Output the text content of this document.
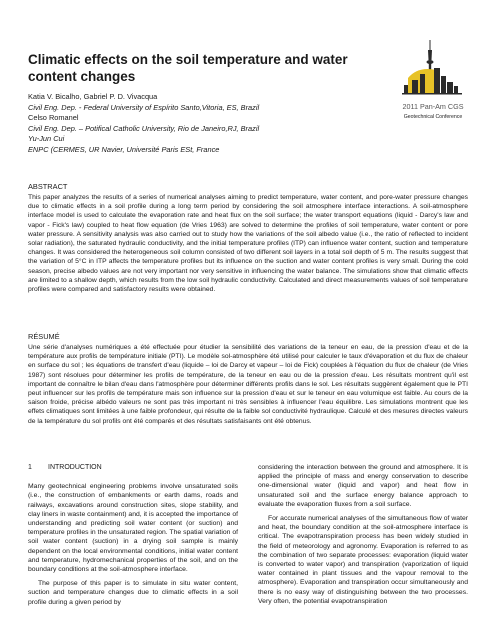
Climatic effects on the soil temperature and water content changes
Katia V. Bicalho, Gabriel P. D. Vivacqua
Civil Eng. Dep. - Federal University of Espírito Santo,Vitoria, ES, Brazil
Celso Romanel
Civil Eng. Dep. – Potifical Catholic University, Rio de Janeiro,RJ, Brazil
Yu-Jun Cui
ENPC (CERMES, UR Navier, Université Paris ESt, France
2011 Pan-Am CGS
Geotechnical Conference
ABSTRACT

This paper analyzes the results of a series of numerical analyses aiming to predict temperature, water content, and pore-water pressure changes due to climatic effects in a soil profile during a long term period by considering the soil atmosphere interface interactions. A soil-atmosphere interface model is used to calculate the evaporation rate and heat flux on the soil surface; the water transport equations (liquid - Darcy's law and vapor - Fick's law) coupled to heat flow equation (de Vries 1963) are solved to determine the profiles of soil temperature, water content or pore water pressure. A sensitivity analysis was also carried out to study how the variations of the soil albedo value (i.e., the ratio of reflected to incident solar radiation), the saturated hydraulic conductivity, and the initial temperature profiles (ITP) can influence water content, suction and temperature changes. It was considered the heterogeneous soil column consisted of two different soil layers in a total soil depth of 5 m. The results suggest that the variation of 5°C in ITP affects the temperature profiles but its influence on the suction and water content profiles is very small. During the cold season, precise albedo values are not very important nor very sensitive in influencing the water balance. The simulations show that climatic effects are limited to a shallow depth, which results from the low soil hydraulic conductivity. Calculated and direct measurements values of soil temperature profiles were compared and satisfactory results were obtained.

RÉSUMÉ

Une série d'analyses numériques a été effectuée pour étudier la sensibilité des variations de la teneur en eau, de la pression d'eau et de la température aux profils de température initiale (PTI). Le modèle sol-atmosphère été utilisé pour calculer le taux d'évaporation et du flux de chaleur en surface du sol ; les équations de transfert d'eau (liquide – loi de Darcy et vapeur – loi de Fick) couplées à l'équation du flux de chaleur (de Vries 1987) sont résolues pour déterminer les profils de température, de la teneur en eau ou de la pression d'eau. Les résultats montrent qu'il est important de connaître le bilan d'eau dans l'atmosphère pour déterminer différents profils dans le sol. Les résultats suggèrent également que le PTI peut influencer sur les profils de température mais son influence sur la pression d'eau et sur le teneur en eau volumique est faible. Au cours de la saison froide, précise albédo valeurs ne sont pas très important ni très sensibles à influencer l'eau équilibre. Les simulations montrent que les effets climatiques sont limitées à une faible profondeur, qui résulte de la faible sol conductivité hydraulique. Calculé et des mesures directes valeurs de la température du sol profils ont été comparés et des résultats satisfaisants ont été obtenus.

1 INTRODUCTION

Many geotechnical engineering problems involve unsaturated soils (i.e., the construction of embankments or earth dams, roads and railways, excavations around construction sites, slope stability, and clay liners in waste containment) and, it is accepted the importance of understanding and predicting soil water content (or suction) and temperature profiles in the unsaturated region. The spatial variation of soil water content (suction) in a drying soil sample is mainly dependent on the local environmental conditions, initial water content and temperature, hydromechanical properties of the soil, and on the boundary conditions at the soil-atmosphere interface.

The purpose of this paper is to simulate in situ water content, suction and temperature changes due to climatic effects in a soil profile during a given period by

considering the interaction between the ground and atmosphere. It is applied the principle of mass and energy conservation to describe one-dimensional water (liquid and vapor) and heat flow in unsaturated soil and the surface energy balance approach to evaluate the evaporation fluxes from a soil surface.

For accurate numerical analyses of the simultaneous flow of water and heat, the boundary condition at the soil-atmosphere interface is critical. The evapotranspiration process has been widely studied in the field of meteorology and agronomy. Evaporation is referred to as the combination of two separate processes: evaporation (liquid water is converted to water vapor) and transpiration (vaporization of liquid water contained in plant tissues and the vapour removal to the atmosphere). Evaporation and transpiration occur simultaneously and there is no easy way of distinguishing between the two processes. Very often, the potential evapotranspiration
